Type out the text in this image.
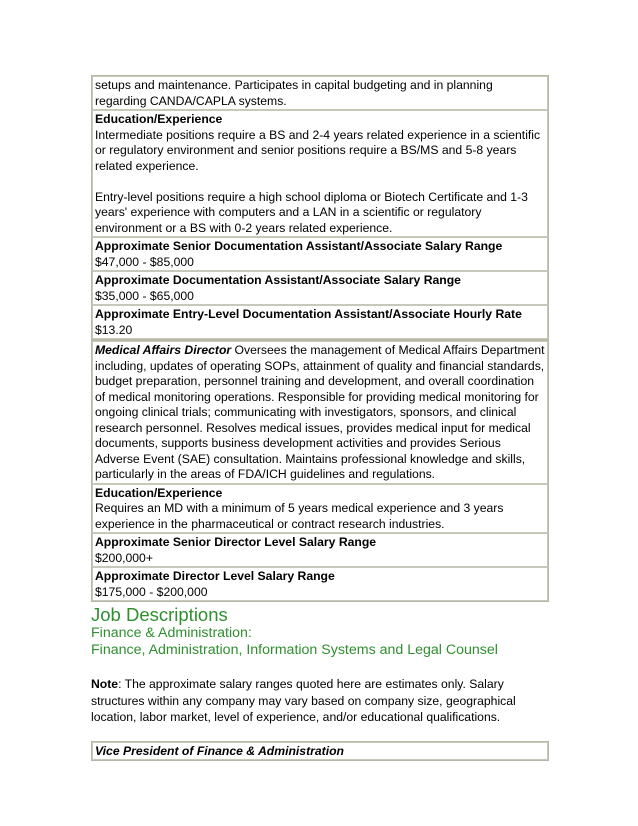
setups and maintenance. Participates in capital budgeting and in planning
regarding CANDA/CAPLA systems.

Education/Experience
Intermediate positions require a BS and 2-4 years related experience in a scientific or regulatory environment and senior positions require a BS/MS and 5-8 years related experience.
Entry-level positions require a high school diploma or Biotech Certificate and 1-3 years' experience with computers and a LAN in a scientific or regulatory environment or a BS with 0-2 years related experience.

Approximate Senior Documentation Assistant/Associate Salary Range
$47,000 - $85,000

Approximate Documentation Assistant/Associate Salary Range
$35,000 - $65,000

Approximate Entry-Level Documentation Assistant/Associate Hourly Rate
$13.20
Medical Affairs Director Oversees the management of Medical Affairs Department including, updates of operating SOPs, attainment of quality and financial standards, budget preparation, personnel training and development, and overall coordination of medical monitoring operations. Responsible for providing medical monitoring for ongoing clinical trials; communicating with investigators, sponsors, and clinical research personnel. Resolves medical issues, provides medical input for medical documents, supports business development activities and provides Serious Adverse Event (SAE) consultation. Maintains professional knowledge and skills, particularly in the areas of FDA/ICH guidelines and regulations.

Education/Experience
Requires an MD with a minimum of 5 years medical experience and 3 years experience in the pharmaceutical or contract research industries.

Approximate Senior Director Level Salary Range
$200,000+

Approximate Director Level Salary Range
$175,000 - $200,000
Job Descriptions
Finance & Administration:
Finance, Administration, Information Systems and Legal Counsel
Note: The approximate salary ranges quoted here are estimates only. Salary structures within any company may vary based on company size, geographical location, labor market, level of experience, and/or educational qualifications.
Vice President of Finance & Administration
